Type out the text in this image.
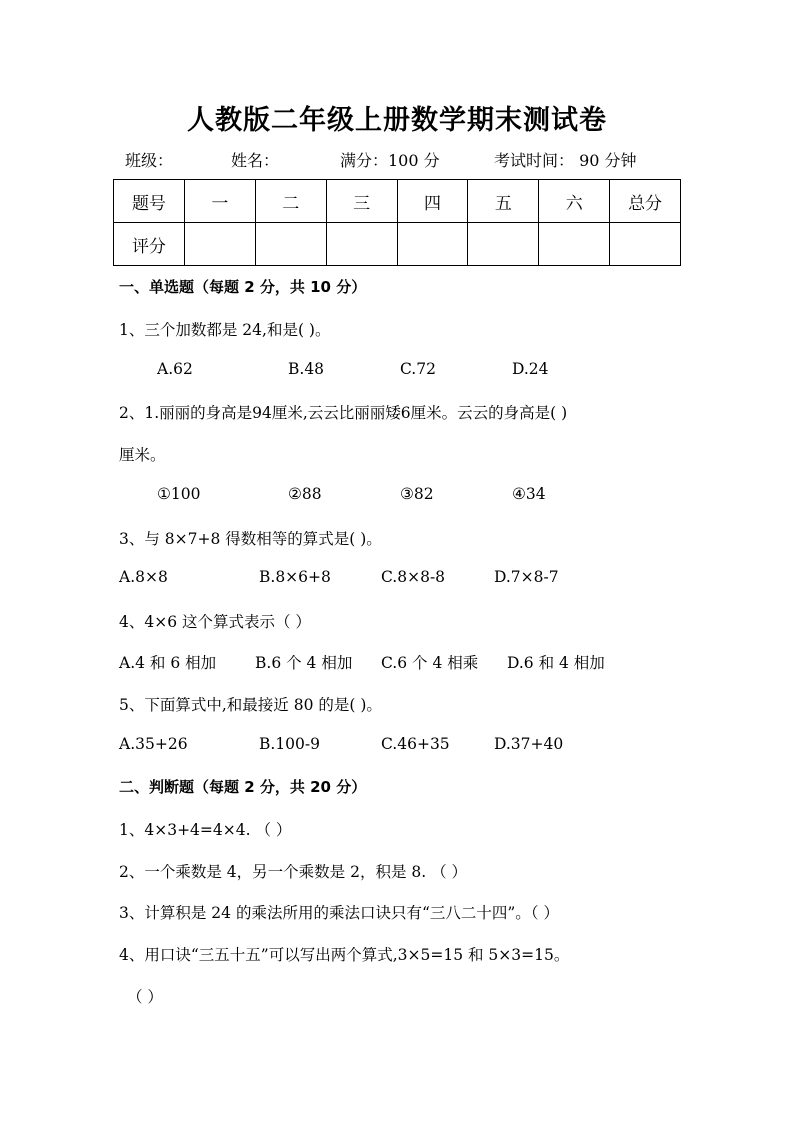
人教版二年级上册数学期末测试卷
班级：	姓名：	满分：100 分	考试时间： 90 分钟
题号	一	二	三	四	五	六	总分
评分							
一、单选题（每题 2 分，共 10 分）
1、三个加数都是 24,和是( )。
A.62	B.48	C.72	D.24
2、1.丽丽的身高是94厘米,云云比丽丽矮6厘米。云云的身高是( )
厘米。
①100	②88	③82	④34
3、与 8×7+8 得数相等的算式是( )。
A.8×8	B.8×6+8	C.8×8-8	D.7×8-7
4、4×6 这个算式表示（ ）
A.4 和 6 相加	B.6 个 4 相加 C.6 个 4 相乘 D.6 和 4 相加
5、下面算式中,和最接近 80 的是( )。
A.35+26	B.100-9	C.46+35	D.37+40
二、判断题（每题 2 分，共 20 分）
1、4×3+4=4×4. （ ）
2、一个乘数是 4，另一个乘数是 2，积是 8. （ ）
3、计算积是 24 的乘法所用的乘法口诀只有“三八二十四”。（ ）
4、用口诀“三五十五”可以写出两个算式,3×5=15 和 5×3=15。
（ ）
